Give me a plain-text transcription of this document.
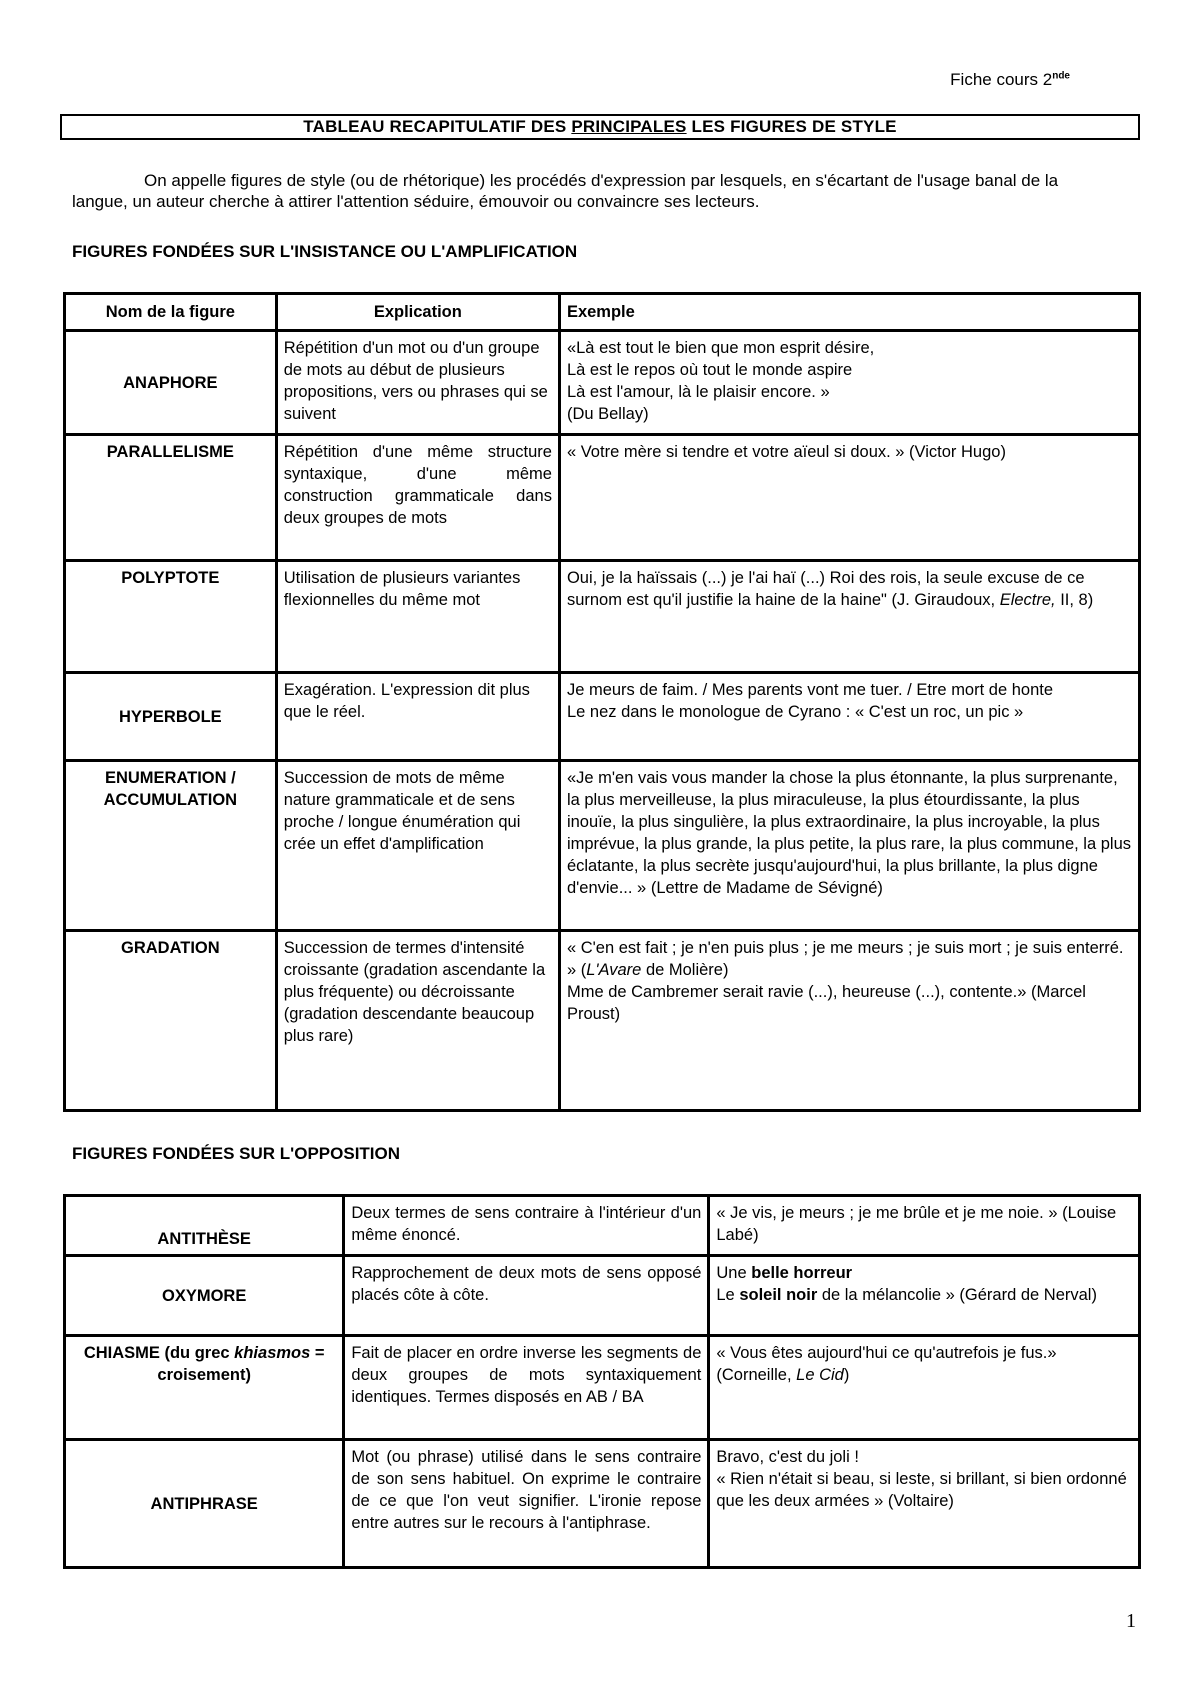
Fiche cours 2nde
TABLEAU RECAPITULATIF DES PRINCIPALES LES FIGURES DE STYLE
On appelle figures de style (ou de rhétorique) les procédés d'expression par lesquels, en s'écartant de l'usage banal de la langue, un auteur cherche à attirer l'attention séduire, émouvoir ou convaincre ses lecteurs.
FIGURES FONDÉES SUR L'INSISTANCE OU L'AMPLIFICATION
Nom de la figure	Explication	Exemple
ANAPHORE	Répétition d'un mot ou d'un groupe de mots au début de plusieurs propositions, vers ou phrases qui se suivent	«Là est tout le bien que mon esprit désire,
Là est le repos où tout le monde aspire
Là est l'amour, là le plaisir encore. »
(Du Bellay)

PARALLELISME	Répétition d'une même structure syntaxique, d'une même construction grammaticale dans deux groupes de mots	« Votre mère si tendre et votre aïeul si doux. » (Victor Hugo)
POLYPTOTE	Utilisation de plusieurs variantes flexionnelles du même mot	Oui, je la haïssais (...) je l'ai haï (...) Roi des rois, la seule excuse de ce surnom est qu'il justifie la haine de la haine" (J. Giraudoux, Electre, II, 8)
HYPERBOLE	Exagération. L'expression dit plus que le réel.	Je meurs de faim. / Mes parents vont me tuer. / Etre mort de honte
Le nez dans le monologue de Cyrano : « C'est un roc, un pic »

ENUMERATION /
ACCUMULATION	Succession de mots de même nature grammaticale et de sens proche / longue énumération qui crée un effet d'amplification	«Je m'en vais vous mander la chose la plus étonnante, la plus surprenante, la plus merveilleuse, la plus miraculeuse, la plus étourdissante, la plus inouïe, la plus singulière, la plus extraordinaire, la plus incroyable, la plus imprévue, la plus grande, la plus petite, la plus rare, la plus commune, la plus éclatante, la plus secrète jusqu'aujourd'hui, la plus brillante, la plus digne d'envie... » (Lettre de Madame de Sévigné)
GRADATION	Succession de termes d'intensité croissante (gradation ascendante la plus fréquente) ou décroissante (gradation descendante beaucoup plus rare)	« C'en est fait ; je n'en puis plus ; je me meurs ; je suis mort ; je suis enterré. » (L'Avare de Molière)
Mme de Cambremer serait ravie (...), heureuse (...), contente.» (Marcel Proust)
FIGURES FONDÉES SUR L'OPPOSITION
ANTITHÈSE	Deux termes de sens contraire à l'intérieur d'un même énoncé.	« Je vis, je meurs ; je me brûle et je me noie. » (Louise Labé)
OXYMORE	Rapprochement de deux mots de sens opposé placés côte à côte.	Une belle horreur
Le soleil noir de la mélancolie » (Gérard de Nerval)

CHIASME (du grec khiasmos = croisement)	Fait de placer en ordre inverse les segments de deux groupes de mots syntaxiquement identiques. Termes disposés en AB / BA	« Vous êtes aujourd'hui ce qu'autrefois je fus.» (Corneille, Le Cid)
ANTIPHRASE	Mot (ou phrase) utilisé dans le sens contraire de son sens habituel. On exprime le contraire de ce que l'on veut signifier. L'ironie repose entre autres sur le recours à l'antiphrase.	Bravo, c'est du joli !
« Rien n'était si beau, si leste, si brillant, si bien ordonné que les deux armées » (Voltaire)
1
